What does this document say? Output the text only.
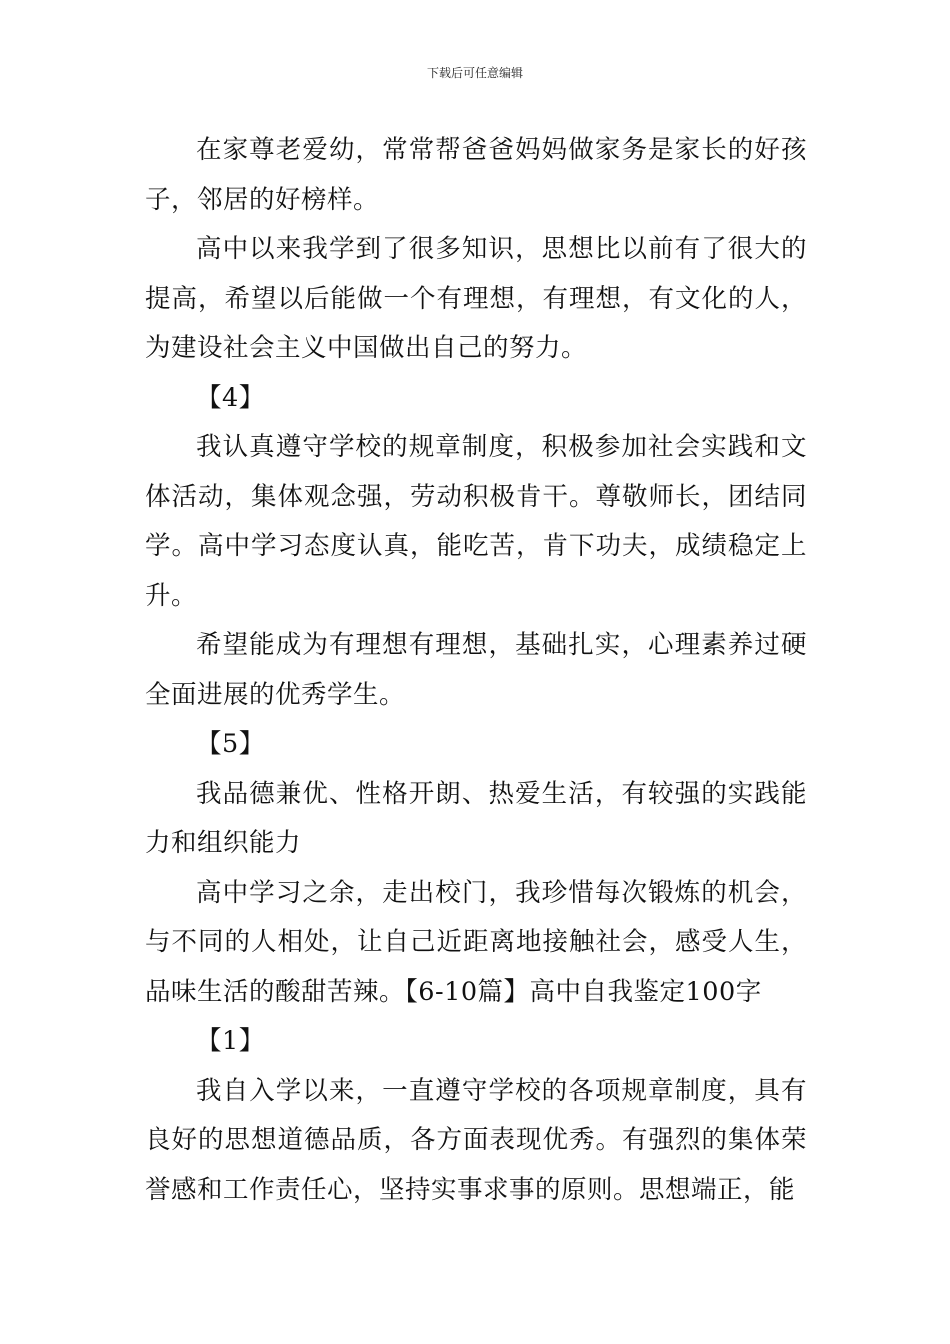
下载后可任意编辑

在家尊老爱幼，常常帮爸爸妈妈做家务是家长的好孩子，邻居的好榜样。

高中以来我学到了很多知识，思想比以前有了很大的提高，希望以后能做一个有理想，有理想，有文化的人，为建设社会主义中国做出自己的努力。

【4】

我认真遵守学校的规章制度，积极参加社会实践和文体活动，集体观念强，劳动积极肯干。尊敬师长，团结同学。高中学习态度认真，能吃苦，肯下功夫，成绩稳定上升。

希望能成为有理想有理想，基础扎实，心理素养过硬全面进展的优秀学生。

【5】

我品德兼优、性格开朗、热爱生活，有较强的实践能力和组织能力

高中学习之余，走出校门，我珍惜每次锻炼的机会，与不同的人相处，让自己近距离地接触社会，感受人生，品味生活的酸甜苦辣。【6-10篇】高中自我鉴定100字

【1】

我自入学以来，一直遵守学校的各项规章制度，具有良好的思想道德品质，各方面表现优秀。有强烈的集体荣誉感和工作责任心，坚持实事求事的原则。思想端正，能
